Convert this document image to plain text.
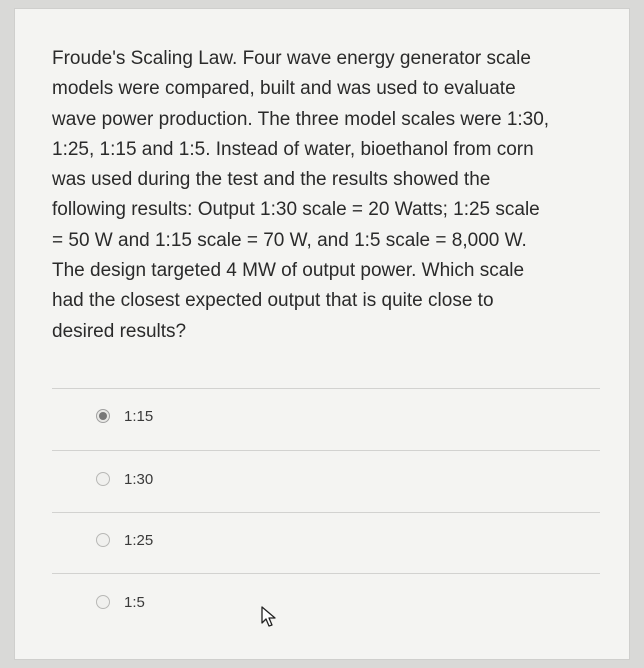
Froude's Scaling Law. Four wave energy generator scale
models were compared, built and was used to evaluate
wave power production. The three model scales were 1:30,
1:25, 1:15 and 1:5. Instead of water, bioethanol from corn
was used during the test and the results showed the
following results: Output 1:30 scale = 20 Watts; 1:25 scale
= 50 W and 1:15 scale = 70 W, and 1:5 scale = 8,000 W.
The design targeted 4 MW of output power. Which scale
had the closest expected output that is quite close to
desired results?

1:15
1:30
1:25
1:5
